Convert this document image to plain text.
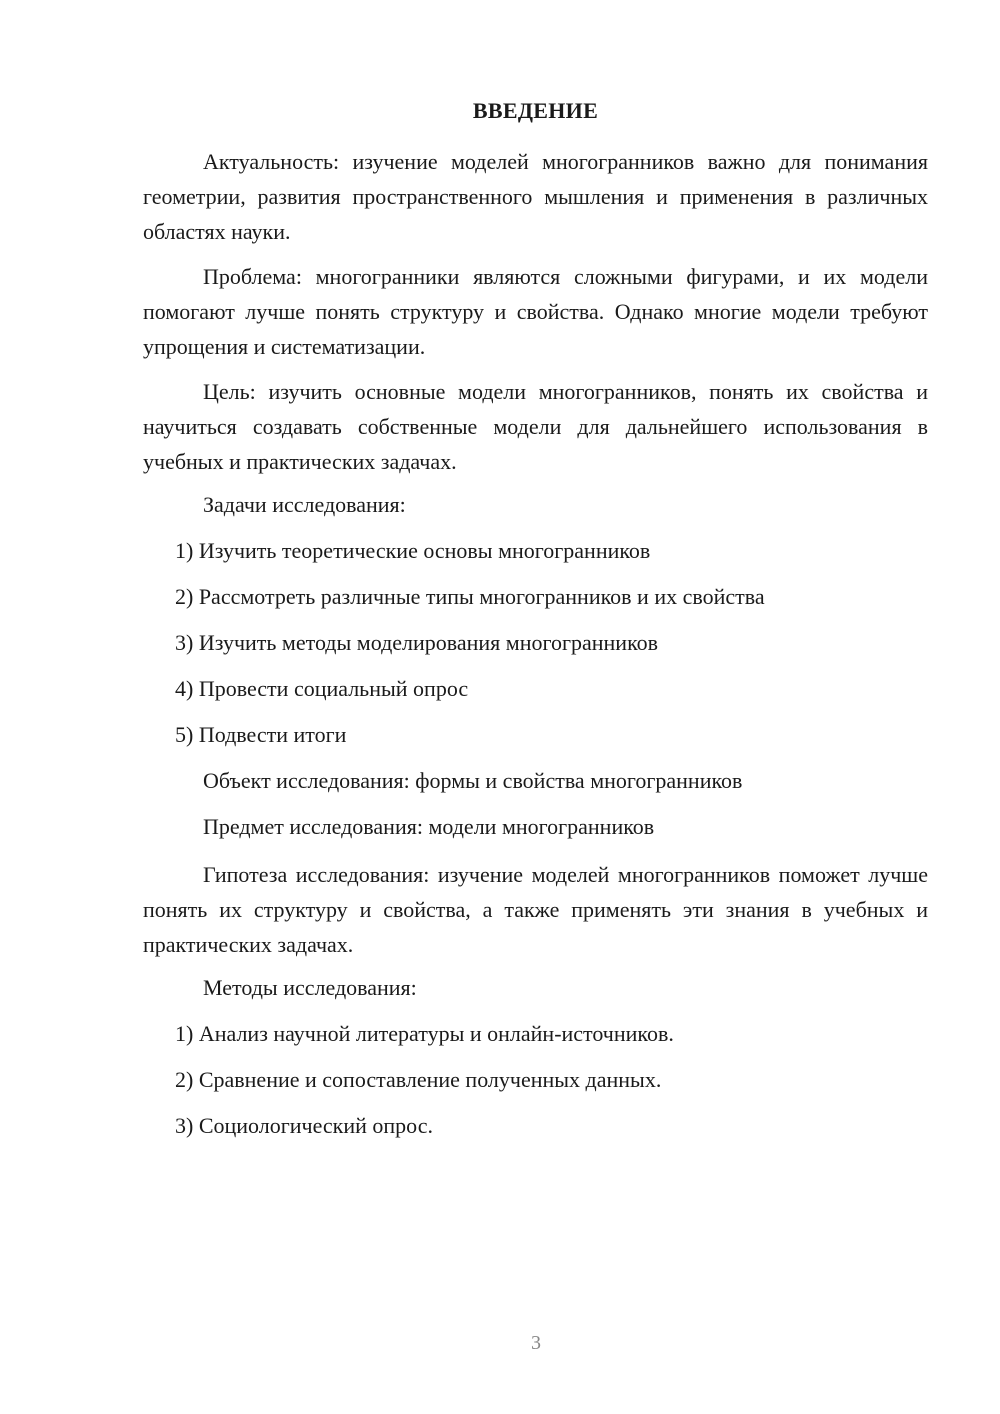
ВВЕДЕНИЕ

Актуальность: изучение моделей многогранников важно для понимания геометрии, развития пространственного мышления и применения в различных областях науки.

Проблема: многогранники являются сложными фигурами, и их модели помогают лучше понять структуру и свойства. Однако многие модели требуют упрощения и систематизации.

Цель: изучить основные модели многогранников, понять их свойства и научиться создавать собственные модели для дальнейшего использования в учебных и практических задачах.

Задачи исследования:
1) Изучить теоретические основы многогранников
2) Рассмотреть различные типы многогранников и их свойства
3) Изучить методы моделирования многогранников
4) Провести социальный опрос
5) Подвести итоги
Объект исследования: формы и свойства многогранников
Предмет исследования: модели многогранников

Гипотеза исследования: изучение моделей многогранников поможет лучше понять их структуру и свойства, а также применять эти знания в учебных и практических задачах.

Методы исследования:
1) Анализ научной литературы и онлайн-источников.
2) Сравнение и сопоставление полученных данных.
3) Социологический опрос.
3
